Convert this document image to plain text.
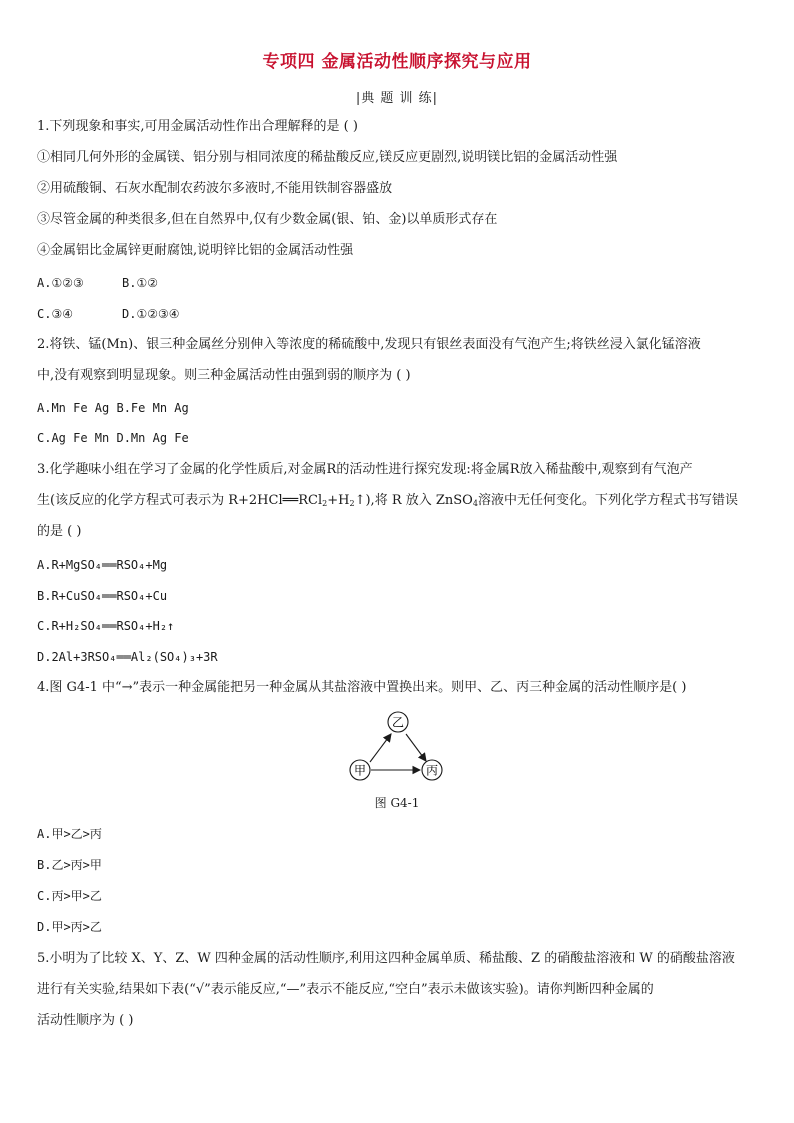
专项四 金属活动性顺序探究与应用
|典 题 训 练|
1.下列现象和事实,可用金属活动性作出合理解释的是 ( )
①相同几何外形的金属镁、铝分别与相同浓度的稀盐酸反应,镁反应更剧烈,说明镁比铝的金属活动性强
②用硫酸铜、石灰水配制农药波尔多液时,不能用铁制容器盛放
③尽管金属的种类很多,但在自然界中,仅有少数金属(银、铂、金)以单质形式存在
④金属铝比金属锌更耐腐蚀,说明锌比铝的金属活动性强
A.①②③	B.①②
C.③④	D.①②③④
2.将铁、锰(Mn)、银三种金属丝分别伸入等浓度的稀硫酸中,发现只有银丝表面没有气泡产生;将铁丝浸入氯化锰溶液
中,没有观察到明显现象。则三种金属活动性由强到弱的顺序为 ( )
A.Mn Fe Ag B.Fe Mn Ag
C.Ag Fe Mn D.Mn Ag Fe
3.化学趣味小组在学习了金属的化学性质后,对金属R的活动性进行探究发现:将金属R放入稀盐酸中,观察到有气泡产
生(该反应的化学方程式可表示为 $R+2HCl══RCl_2+H_2↑$),将 R 放入 ZnSO$_4$溶液中无任何变化。下列化学方程式书写错误
的是 ( )
A.R+MgSO₄══RSO₄+Mg
B.R+CuSO₄══RSO₄+Cu
C.R+H₂SO₄══RSO₄+H₂↑
D.2Al+3RSO₄══Al₂(SO₄)₃+3R
4.图 G4-1 中“→”表示一种金属能把另一种金属从其盐溶液中置换出来。则甲、乙、丙三种金属的活动性顺序是( )
乙
甲	丙
图 G4-1
A.甲>乙>丙
B.乙>丙>甲
C.丙>甲>乙
D.甲>丙>乙
5.小明为了比较 X、Y、Z、W 四种金属的活动性顺序,利用这四种金属单质、稀盐酸、Z 的硝酸盐溶液和 W 的硝酸盐溶液
进行有关实验,结果如下表(“√”表示能反应,“—”表示不能反应,“空白”表示未做该实验)。请你判断四种金属的
活动性顺序为 ( )
